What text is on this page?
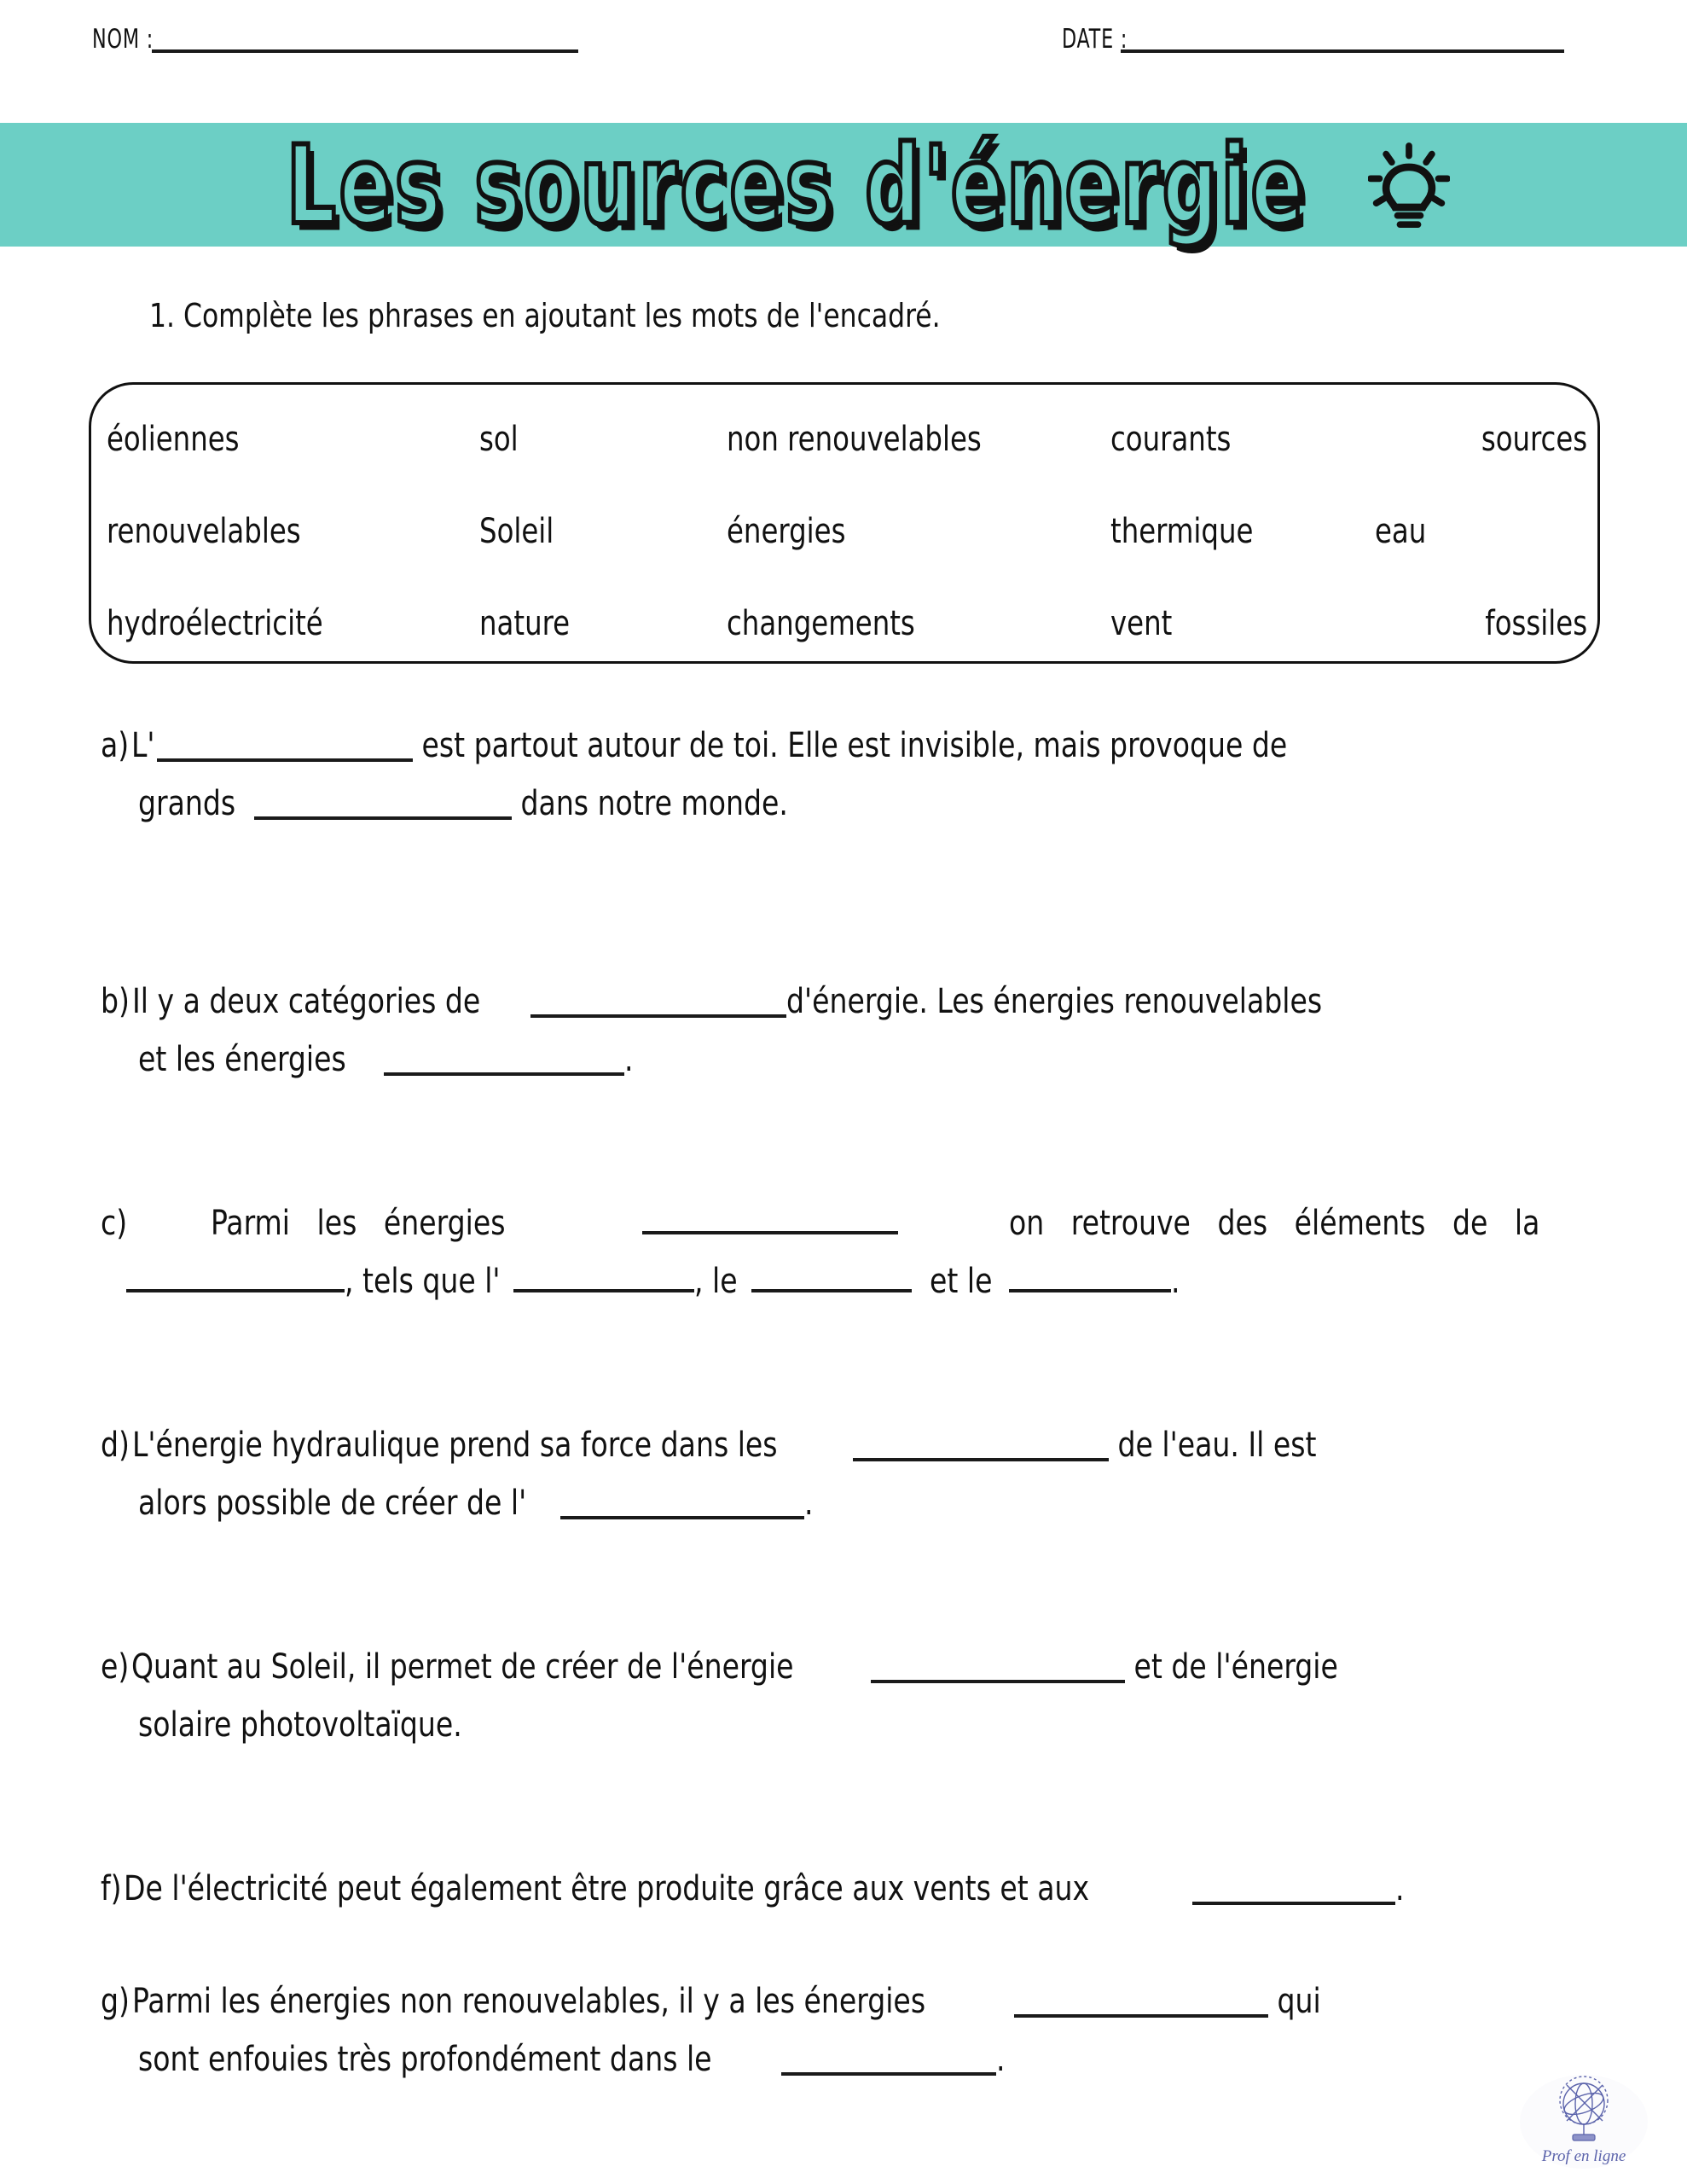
NOM :	DATE :
Les sources d'énergie
1. Complète les phrases en ajoutant les mots de l'encadré.
éoliennes	sol	non renouvelables	courants	sources
renouvelables	Soleil	énergies	thermique	eau
hydroélectricité	nature	changements	vent	fossiles
a)L'	est partout autour de toi. Elle est invisible, mais provoque de
grands	dans notre monde.
b)Il y a deux catégories de	d'énergie. Les énergies renouvelables
et les énergies	.
c) Parmi   les   énergies	on   retrouve   des   éléments   de   la
, tels que l'	, le	et le	.
d)L'énergie hydraulique prend sa force dans les	de l'eau. Il est
alors possible de créer de l'	.
e)Quant au Soleil, il permet de créer de l'énergie	et de l'énergie
solaire photovoltaïque.
f)De l'électricité peut également être produite grâce aux vents et aux	.
g)Parmi les énergies non renouvelables, il y a les énergies	qui
sont enfouies très profondément dans le	.
Prof en ligne
